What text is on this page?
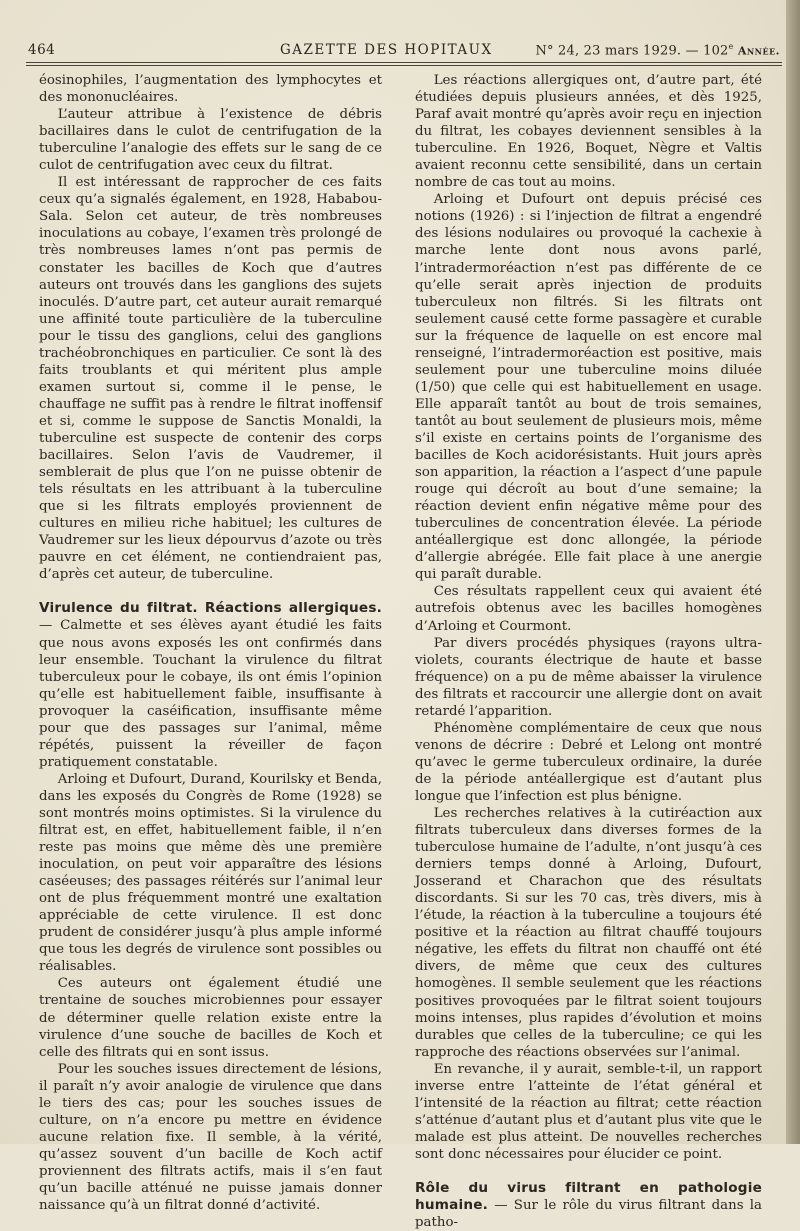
464	GAZETTE DES HOPITAUX	N° 24, 23 mars 1929. — 102e Année.

éosinophiles, l’augmentation des lymphocytes et des mononucléaires.

L’auteur attribue à l’existence de débris bacillaires dans le culot de centrifugation de la tuberculine l’analogie des effets sur le sang de ce culot de centrifugation avec ceux du filtrat.

Il est intéressant de rapprocher de ces faits ceux qu’a signalés également, en 1928, Hababou-Sala. Selon cet auteur, de très nombreuses inoculations au cobaye, l’examen très prolongé de très nombreuses lames n’ont pas permis de constater les bacilles de Koch que d’autres auteurs ont trouvés dans les ganglions des sujets inoculés. D’autre part, cet auteur aurait remarqué une affinité toute particulière de la tuberculine pour le tissu des ganglions, celui des ganglions trachéobronchiques en particulier. Ce sont là des faits troublants et qui méritent plus ample examen surtout si, comme il le pense, le chauffage ne suffit pas à rendre le filtrat inoffensif et si, comme le suppose de Sanctis Monaldi, la tuberculine est suspecte de contenir des corps bacillaires. Selon l’avis de Vaudremer, il semblerait de plus que l’on ne puisse obtenir de tels résultats en les attribuant à la tuberculine que si les filtrats employés proviennent de cultures en milieu riche habituel; les cultures de Vaudremer sur les lieux dépourvus d’azote ou très pauvre en cet élément, ne contiendraient pas, d’après cet auteur, de tuberculine.

Virulence du filtrat. Réactions allergiques. — Calmette et ses élèves ayant étudié les faits que nous avons exposés les ont confirmés dans leur ensemble. Touchant la virulence du filtrat tuberculeux pour le cobaye, ils ont émis l’opinion qu’elle est habituellement faible, insuffisante à provoquer la caséification, insuffisante même pour que des passages sur l’animal, même répétés, puissent la réveiller de façon pratiquement constatable.

Arloing et Dufourt, Durand, Kourilsky et Benda, dans les exposés du Congrès de Rome (1928) se sont montrés moins optimistes. Si la virulence du filtrat est, en effet, habituellement faible, il n’en reste pas moins que même dès une première inoculation, on peut voir apparaître des lésions caséeuses; des passages réitérés sur l’animal leur ont de plus fréquemment montré une exaltation appréciable de cette virulence. Il est donc prudent de considérer jusqu’à plus ample informé que tous les degrés de virulence sont possibles ou réalisables.

Ces auteurs ont également étudié une trentaine de souches microbiennes pour essayer de déterminer quelle relation existe entre la virulence d’une souche de bacilles de Koch et celle des filtrats qui en sont issus.

Pour les souches issues directement de lésions, il paraît n’y avoir analogie de virulence que dans le tiers des cas; pour les souches issues de culture, on n’a encore pu mettre en évidence aucune relation fixe. Il semble, à la vérité, qu’assez souvent d’un bacille de Koch actif proviennent des filtrats actifs, mais il s’en faut qu’un bacille atténué ne puisse jamais donner naissance qu’à un filtrat donné d’activité.

Les réactions allergiques ont, d’autre part, été étudiées depuis plusieurs années, et dès 1925, Paraf avait montré qu’après avoir reçu en injection du filtrat, les cobayes deviennent sensibles à la tuberculine. En 1926, Boquet, Nègre et Valtis avaient reconnu cette sensibilité, dans un certain nombre de cas tout au moins.

Arloing et Dufourt ont depuis précisé ces notions (1926) : si l’injection de filtrat a engendré des lésions nodulaires ou provoqué la cachexie à marche lente dont nous avons parlé, l’intradermoréaction n’est pas différente de ce qu’elle serait après injection de produits tuberculeux non filtrés. Si les filtrats ont seulement causé cette forme passagère et curable sur la fréquence de laquelle on est encore mal renseigné, l’intradermoréaction est positive, mais seulement pour une tuberculine moins diluée (1/50) que celle qui est habituellement en usage. Elle apparaît tantôt au bout de trois semaines, tantôt au bout seulement de plusieurs mois, même s’il existe en certains points de l’organisme des bacilles de Koch acidorésistants. Huit jours après son apparition, la réaction a l’aspect d’une papule rouge qui décroît au bout d’une semaine; la réaction devient enfin négative même pour des tuberculines de concentration élevée. La période antéallergique est donc allongée, la période d’allergie abrégée. Elle fait place à une anergie qui paraît durable.

Ces résultats rappellent ceux qui avaient été autrefois obtenus avec les bacilles homogènes d’Arloing et Courmont.

Par divers procédés physiques (rayons ultra-violets, courants électrique de haute et basse fréquence) on a pu de même abaisser la virulence des filtrats et raccourcir une allergie dont on avait retardé l’apparition.

Phénomène complémentaire de ceux que nous venons de décrire : Debré et Lelong ont montré qu’avec le germe tuberculeux ordinaire, la durée de la période antéallergique est d’autant plus longue que l’infection est plus bénigne.

Les recherches relatives à la cutiréaction aux filtrats tuberculeux dans diverses formes de la tuberculose humaine de l’adulte, n’ont jusqu’à ces derniers temps donné à Arloing, Dufourt, Josserand et Charachon que des résultats discordants. Si sur les 70 cas, très divers, mis à l’étude, la réaction à la tuberculine a toujours été positive et la réaction au filtrat chauffé toujours négative, les effets du filtrat non chauffé ont été divers, de même que ceux des cultures homogènes. Il semble seulement que les réactions positives provoquées par le filtrat soient toujours moins intenses, plus rapides d’évolution et moins durables que celles de la tuberculine; ce qui les rapproche des réactions observées sur l’animal.

En revanche, il y aurait, semble-t-il, un rapport inverse entre l’atteinte de l’état général et l’intensité de la réaction au filtrat; cette réaction s’atténue d’autant plus et d’autant plus vite que le malade est plus atteint. De nouvelles recherches sont donc nécessaires pour élucider ce point.

Rôle du virus filtrant en pathologie humaine. — Sur le rôle du virus filtrant dans la patho-
